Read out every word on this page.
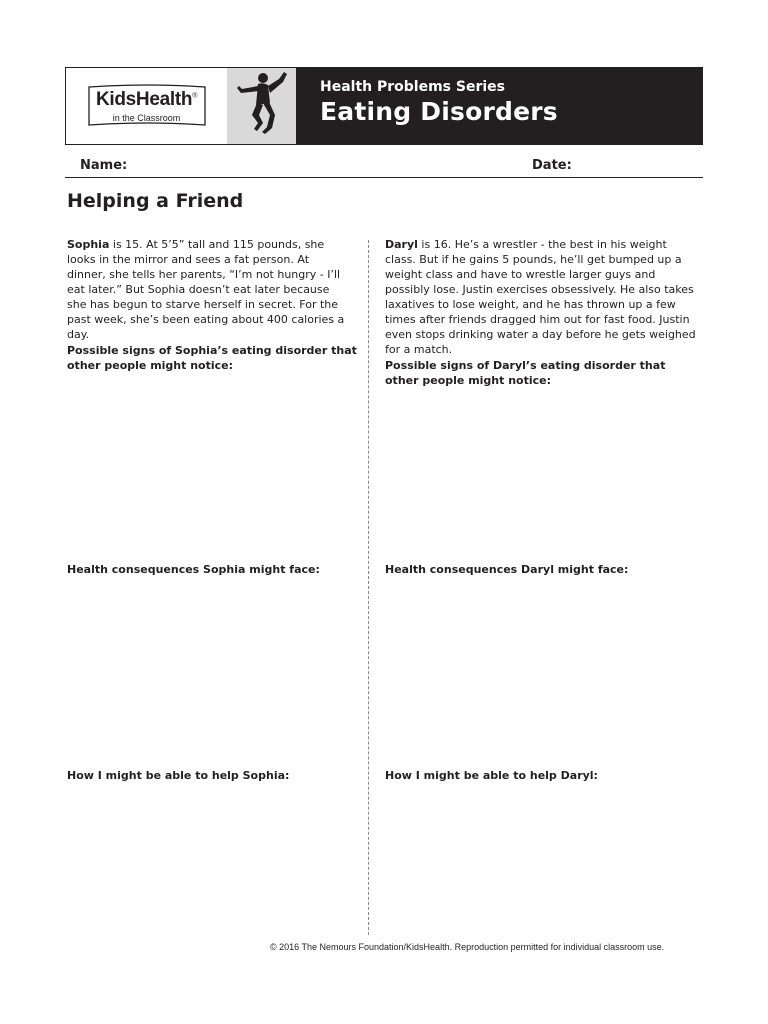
KidsHealth®
in the Classroom
Health Problems Series
Eating Disorders
Name:	Date:
Helping a Friend
Sophia is 15. At 5’5” tall and 115 pounds, she looks in the mirror and sees a fat person. At dinner, she tells her parents, “I’m not hungry - I’ll eat later.” But Sophia doesn’t eat later because she has begun to starve herself in secret. For the past week, she’s been eating about 400 calories a day.
Possible signs of Sophia’s eating disorder that other people might notice:
Health consequences Sophia might face:
How I might be able to help Sophia:
Daryl is 16. He’s a wrestler - the best in his weight class. But if he gains 5 pounds, he’ll get bumped up a weight class and have to wrestle larger guys and possibly lose. Justin exercises obsessively. He also takes laxatives to lose weight, and he has thrown up a few times after friends dragged him out for fast food. Justin even stops drinking water a day before he gets weighed for a match.
Possible signs of Daryl’s eating disorder that other people might notice:
Health consequences Daryl might face:
How I might be able to help Daryl:
© 2016 The Nemours Foundation/KidsHealth. Reproduction permitted for individual classroom use.
